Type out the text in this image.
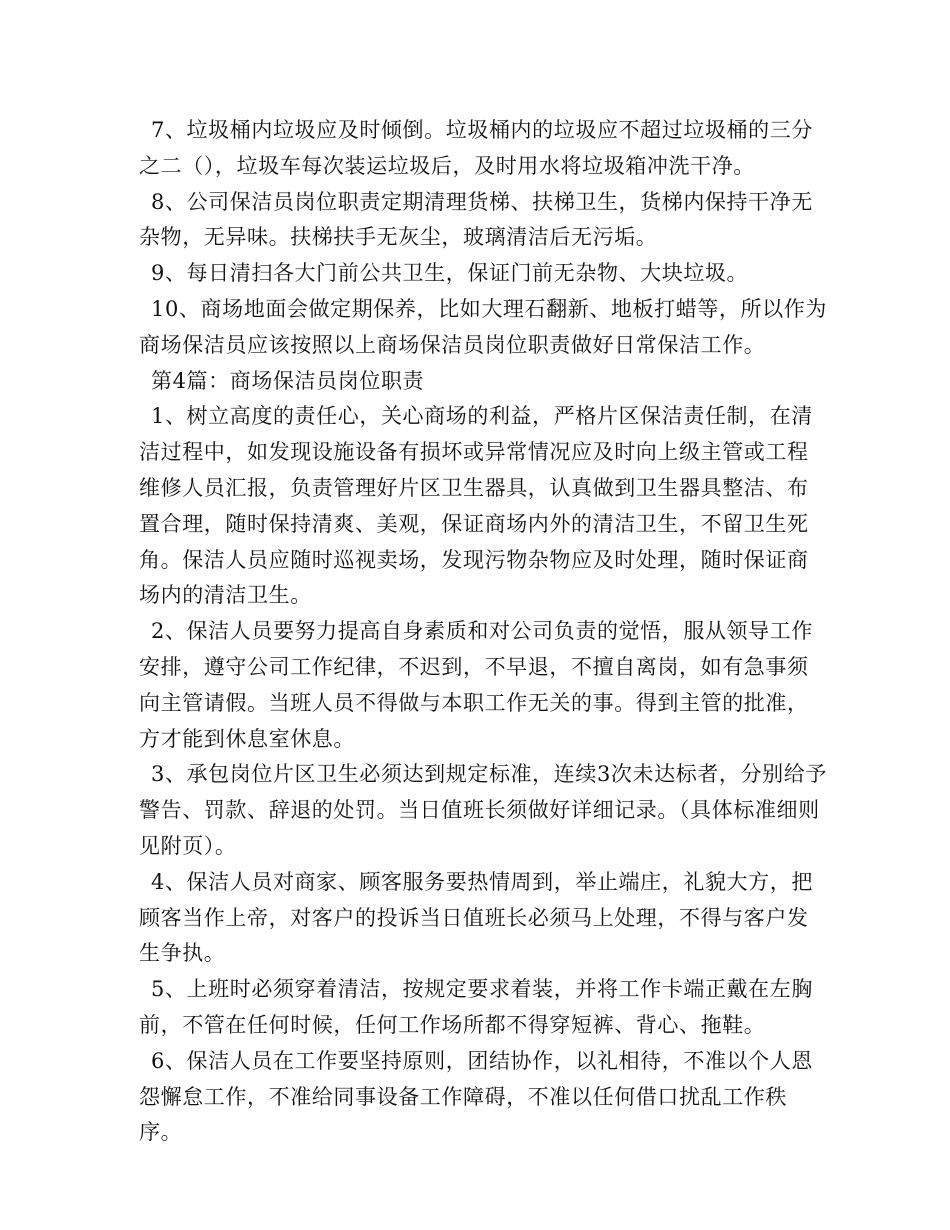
7、垃圾桶内垃圾应及时倾倒。垃圾桶内的垃圾应不超过垃圾桶的三分之二（），垃圾车每次装运垃圾后，及时用水将垃圾箱冲洗干净。

8、公司保洁员岗位职责定期清理货梯、扶梯卫生，货梯内保持干净无杂物，无异味。扶梯扶手无灰尘，玻璃清洁后无污垢。

9、每日清扫各大门前公共卫生，保证门前无杂物、大块垃圾。

10、商场地面会做定期保养，比如大理石翻新、地板打蜡等，所以作为商场保洁员应该按照以上商场保洁员岗位职责做好日常保洁工作。

第4篇：商场保洁员岗位职责

1、树立高度的责任心，关心商场的利益，严格片区保洁责任制，在清洁过程中，如发现设施设备有损坏或异常情况应及时向上级主管或工程维修人员汇报，负责管理好片区卫生器具，认真做到卫生器具整洁、布置合理，随时保持清爽、美观，保证商场内外的清洁卫生，不留卫生死角。保洁人员应随时巡视卖场，发现污物杂物应及时处理，随时保证商场内的清洁卫生。

2、保洁人员要努力提高自身素质和对公司负责的觉悟，服从领导工作安排，遵守公司工作纪律，不迟到，不早退，不擅自离岗，如有急事须向主管请假。当班人员不得做与本职工作无关的事。得到主管的批准，方才能到休息室休息。

3、承包岗位片区卫生必须达到规定标准，连续3次未达标者，分别给予警告、罚款、辞退的处罚。当日值班长须做好详细记录。（具体标准细则见附页）。

4、保洁人员对商家、顾客服务要热情周到，举止端庄，礼貌大方，把顾客当作上帝，对客户的投诉当日值班长必须马上处理，不得与客户发生争执。

5、上班时必须穿着清洁，按规定要求着装，并将工作卡端正戴在左胸前，不管在任何时候，任何工作场所都不得穿短裤、背心、拖鞋。

6、保洁人员在工作要坚持原则，团结协作，以礼相待，不准以个人恩怨懈怠工作，不准给同事设备工作障碍，不准以任何借口扰乱工作秩序。
